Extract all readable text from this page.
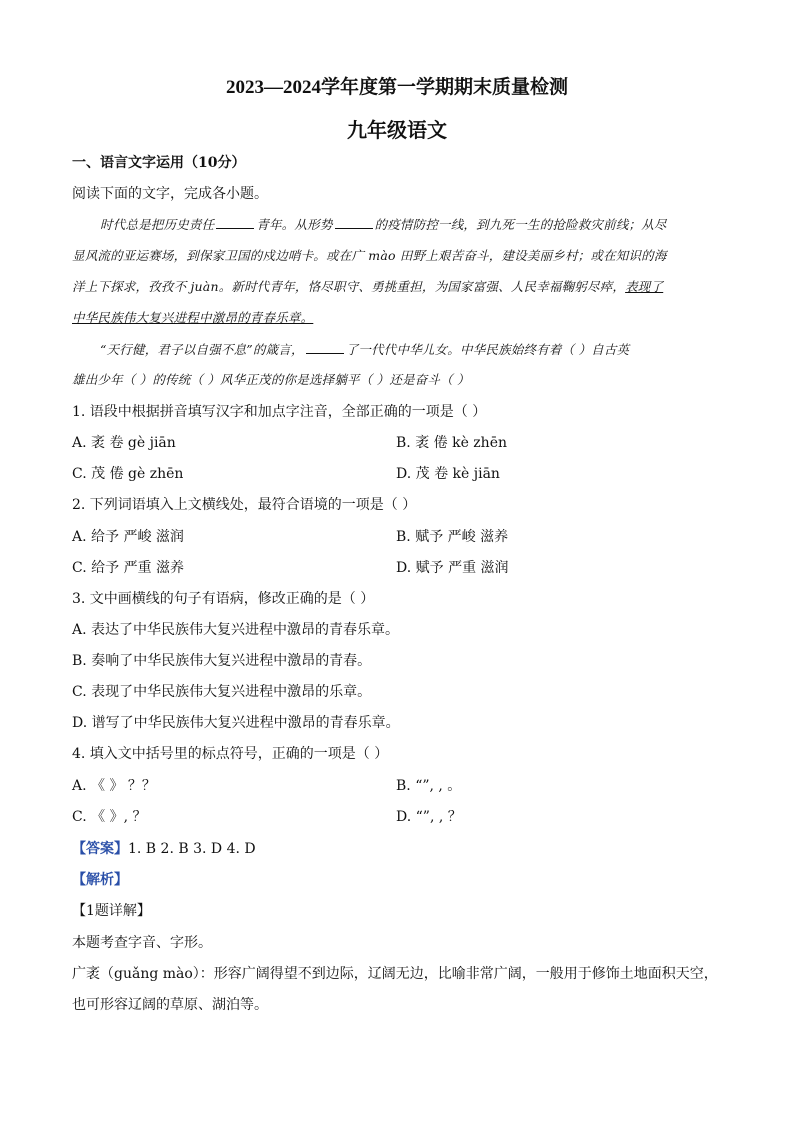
2023—2024学年度第一学期期末质量检测
九年级语文
一、语言文字运用（10分）
阅读下面的文字，完成各小题。
时代总是把历史责任	青年。从形势	的疫情防控一线，到九死一生的抢险救灾前线；从尽
显风流的亚运赛场，到保家卫国的戍边哨卡。或在广 mào 田野上艰苦奋斗，建设美丽乡村；或在知识的海
洋上下探求，孜孜不 juàn。新时代青年，恪尽职守、勇挑重担，为国家富强、人民幸福鞠躬尽瘁，表现了
中华民族伟大复兴进程中激昂的青春乐章。
“天行健，君子以自强不息”的箴言，	了一代代中华儿女。中华民族始终有着（ ）自古英
雄出少年（ ）的传统（ ）风华正茂的你是选择躺平（ ）还是奋斗（ ）
1. 语段中根据拼音填写汉字和加点字注音，全部正确的一项是（ ）
A. 袤 卷 gè jiān	B. 袤 倦 kè zhēn
C. 茂 倦 gè zhēn	D. 茂 卷 kè jiān
2. 下列词语填入上文横线处，最符合语境的一项是（ ）
A. 给予 严峻 滋润	B. 赋予 严峻 滋养
C. 给予 严重 滋养	D. 赋予 严重 滋润
3. 文中画横线的句子有语病，修改正确的是（ ）
A. 表达了中华民族伟大复兴进程中激昂的青春乐章。
B. 奏响了中华民族伟大复兴进程中激昂的青春。
C. 表现了中华民族伟大复兴进程中激昂的乐章。
D. 谱写了中华民族伟大复兴进程中激昂的青春乐章。
4. 填入文中括号里的标点符号，正确的一项是（ ）
A. 《 》 ？？	B. “”, , 。
C. 《 》, ？	D. “”, , ？
【答案】1. B 2. B 3. D 4. D
【解析】
【1题详解】
本题考查字音、字形。
广袤（guǎng mào）：形容广阔得望不到边际，辽阔无边，比喻非常广阔，一般用于修饰土地面积天空，
也可形容辽阔的草原、湖泊等。
